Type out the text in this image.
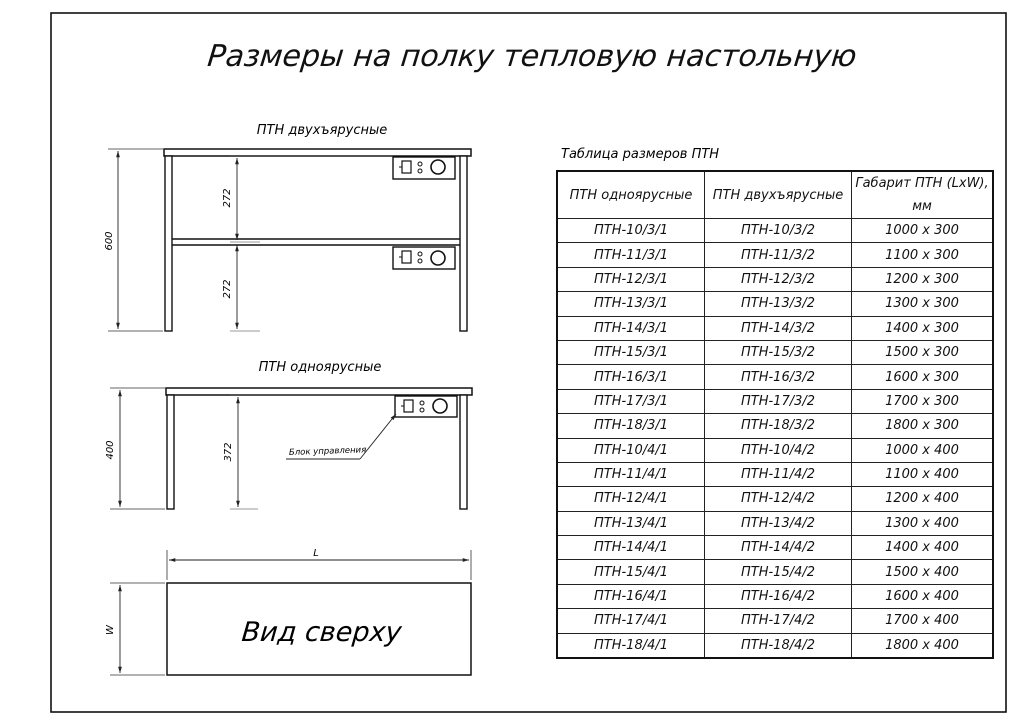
Размеры на полку тепловую настольную
ПТН двухъярусные
600
272
272
ПТН одноярусные
Блок управления
400	372
L
Вид сверху
W
Таблица размеров ПТН
ПТН одноярусные	ПТН двухъярусные	Габарит ПТН (LxW), мм
ПТН-10/3/1	ПТН-10/3/2	1000 х 300
ПТН-11/3/1	ПТН-11/3/2	1100 х 300
ПТН-12/3/1	ПТН-12/3/2	1200 х 300
ПТН-13/3/1	ПТН-13/3/2	1300 х 300
ПТН-14/3/1	ПТН-14/3/2	1400 х 300
ПТН-15/3/1	ПТН-15/3/2	1500 х 300
ПТН-16/3/1	ПТН-16/3/2	1600 х 300
ПТН-17/3/1	ПТН-17/3/2	1700 х 300
ПТН-18/3/1	ПТН-18/3/2	1800 х 300
ПТН-10/4/1	ПТН-10/4/2	1000 х 400
ПТН-11/4/1	ПТН-11/4/2	1100 х 400
ПТН-12/4/1	ПТН-12/4/2	1200 х 400
ПТН-13/4/1	ПТН-13/4/2	1300 х 400
ПТН-14/4/1	ПТН-14/4/2	1400 х 400
ПТН-15/4/1	ПТН-15/4/2	1500 х 400
ПТН-16/4/1	ПТН-16/4/2	1600 х 400
ПТН-17/4/1	ПТН-17/4/2	1700 х 400
ПТН-18/4/1	ПТН-18/4/2	1800 х 400
